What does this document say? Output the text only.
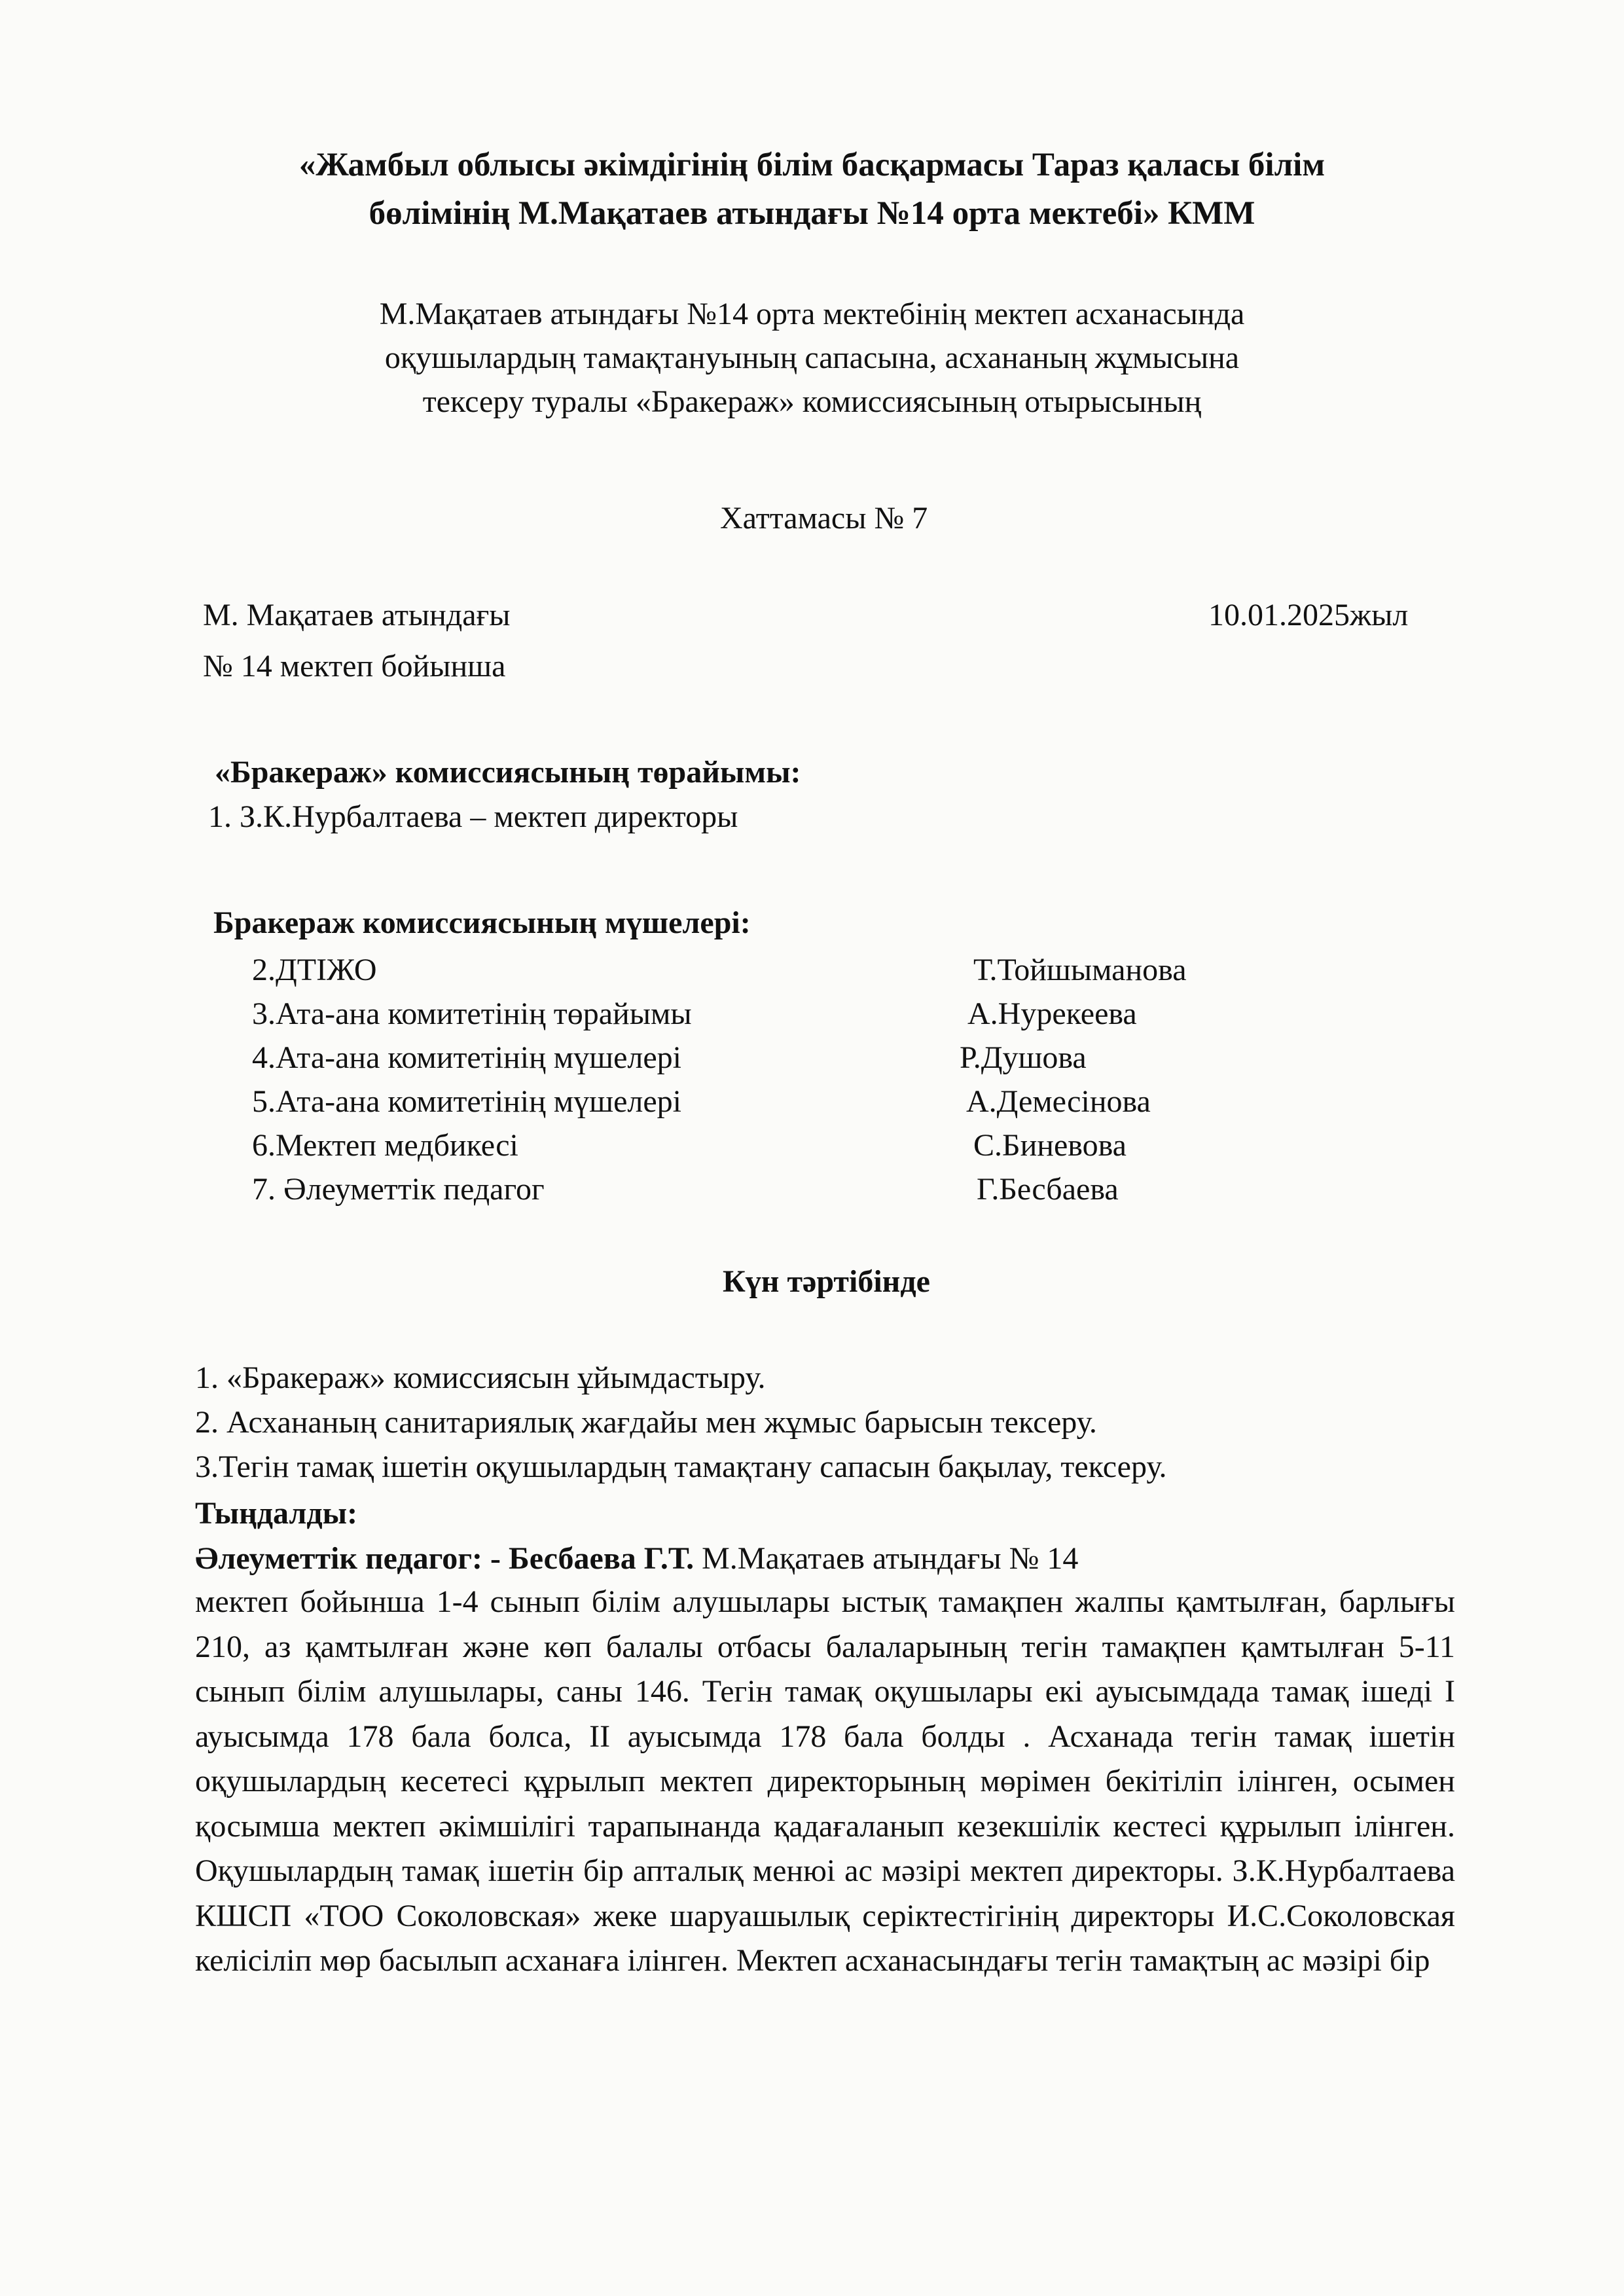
«Жамбыл облысы әкімдігінің білім басқармасы Тараз қаласы білім
бөлімінің М.Мақатаев атындағы №14 орта мектебі» КММ
М.Мақатаев атындағы №14 орта мектебінің мектеп асханасында
оқушылардың тамақтануының сапасына, асхананың жұмысына
тексеру туралы «Бракераж» комиссиясының отырысының
Хаттамасы № 7
М. Мақатаев атындағы
№ 14 мектеп бойынша
10.01.2025жыл
«Бракераж» комиссиясының төрайымы:
1. З.К.Нурбалтаева – мектеп директоры
Бракераж комиссиясының мүшелері:
2.ДТІЖО	Т.Тойшыманова
3.Ата-ана комитетінің төрайымы	А.Нурекеева
4.Ата-ана комитетінің мүшелері	Р.Душова
5.Ата-ана комитетінің мүшелері	А.Демесінова
6.Мектеп медбикесі	С.Биневова
7. Әлеуметтік педагог	Г.Бесбаева
Күн тәртібінде
1. «Бракераж» комиссиясын ұйымдастыру.
2. Асхананың санитариялық жағдайы мен жұмыс барысын тексеру.
3.Тегін тамақ ішетін оқушылардың тамақтану сапасын бақылау, тексеру.
Тыңдалды:
Әлеуметтік педагог: - Бесбаева Г.Т. М.Мақатаев атындағы № 14
мектеп бойынша 1-4 сынып білім алушылары ыстық тамақпен жалпы қамтылған, барлығы 210, аз қамтылған және көп балалы отбасы балаларының тегін тамақпен қамтылған 5-11 сынып білім алушылары, саны 146. Тегін тамақ оқушылары екі ауысымдада тамақ ішеді І ауысымда 178 бала болса, ІІ ауысымда 178 бала болды . Асханада тегін тамақ ішетін оқушылардың кесетесі құрылып мектеп директорының мөрімен бекітіліп ілінген, осымен қосымша мектеп әкімшілігі тарапынанда қадағаланып кезекшілік кестесі құрылып ілінген. Оқушылардың тамақ ішетін бір апталық менюі ас мәзірі мектеп директоры. З.К.Нурбалтаева КШСП «ТОО Соколовская» жеке шаруашылық серіктестігінің директоры И.С.Соколовская келісіліп мөр басылып асханаға ілінген. Мектеп асханасындағы тегін тамақтың ас мәзірі бір
